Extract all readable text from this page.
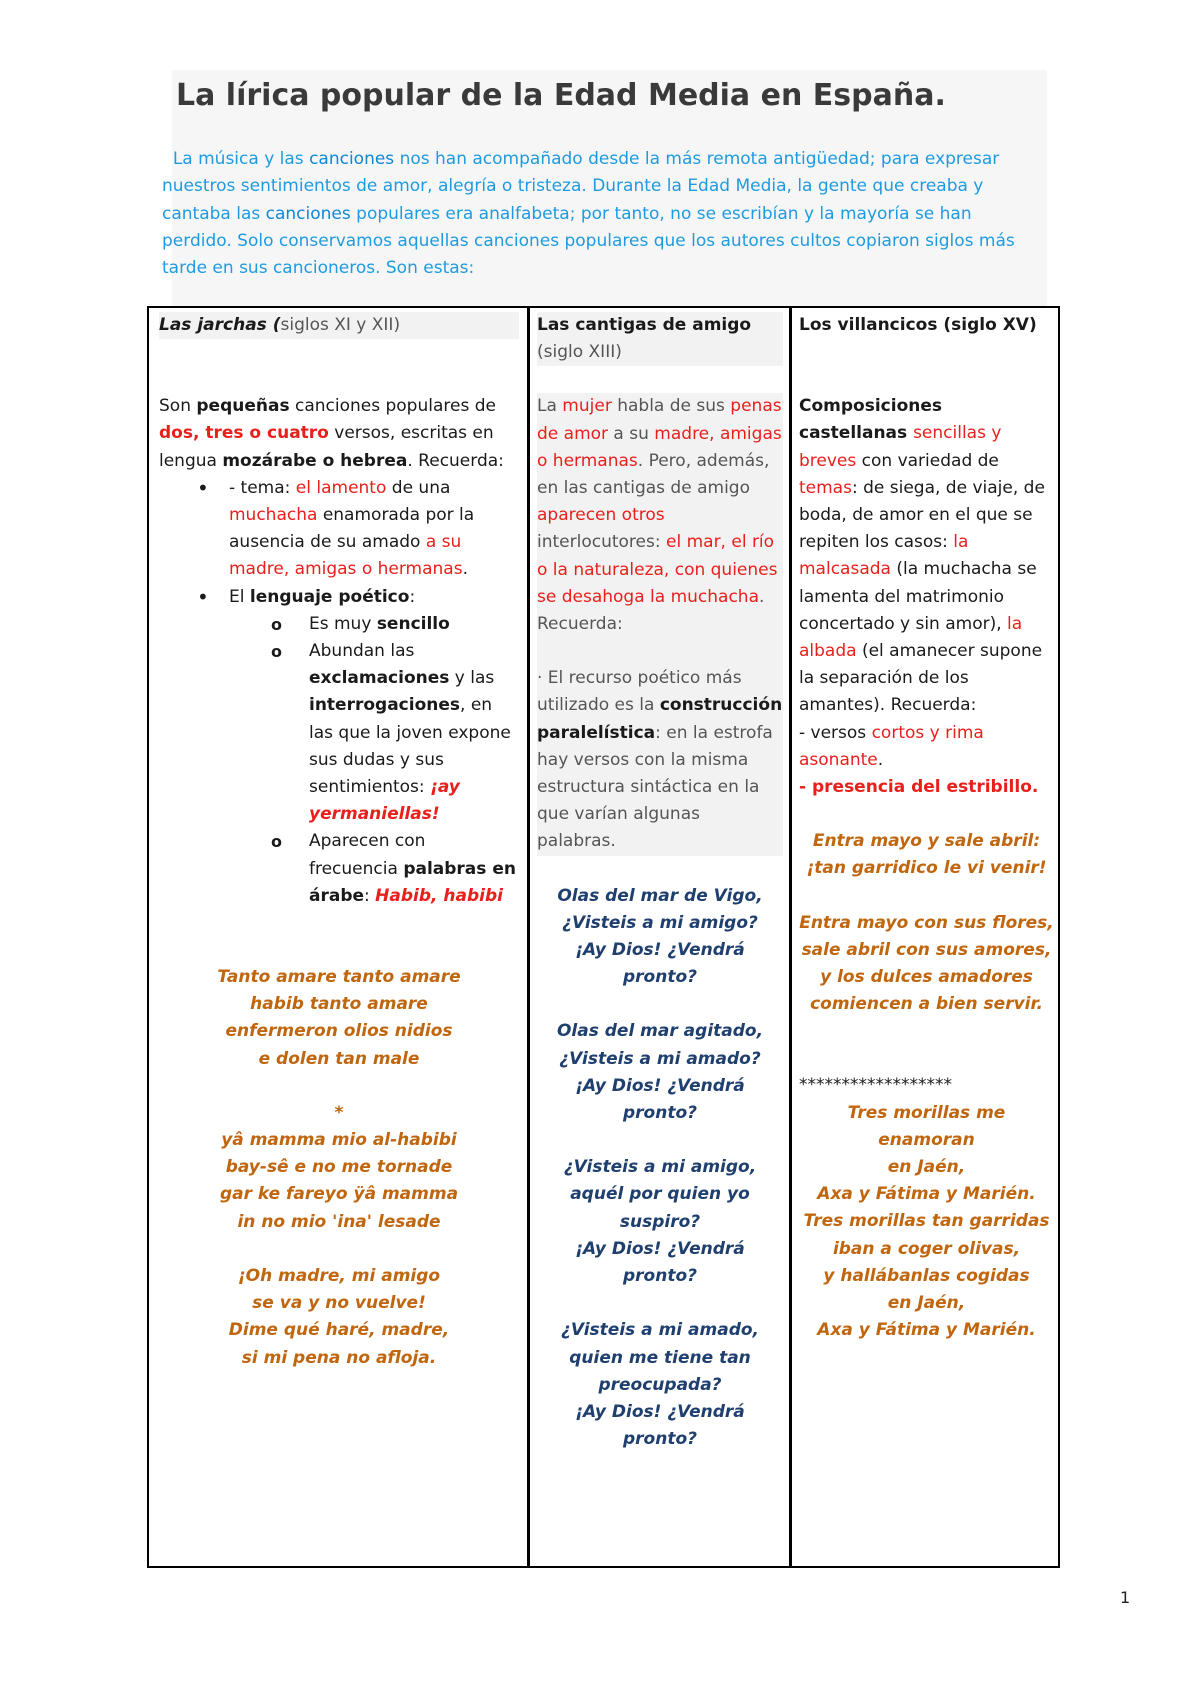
La lírica popular de la Edad Media en España.

La música y las canciones nos han acompañado desde la más remota antigüedad; para expresar nuestros sentimientos de amor, alegría o tristeza. Durante la Edad Media, la gente que creaba y cantaba las canciones populares era analfabeta; por tanto, no se escribían y la mayoría se han perdido. Solo conservamos aquellas canciones populares que los autores cultos copiaron siglos más tarde en sus cancioneros. Son estas:

Las jarchas (siglos XI y XII)

Son pequeñas canciones populares de dos, tres o cuatro versos, escritas en lengua mozárabe o hebrea. Recuerda:

• - tema: el lamento de una muchacha enamorada por la ausencia de su amado a su madre, amigas o hermanas.
• El lenguaje poético:
o Es muy sencillo
o Abundan las exclamaciones y las interrogaciones, en las que la joven expone sus dudas y sus sentimientos: ¡ay yermaniellas!
o Aparecen con frecuencia palabras en árabe: Habib, habibi
Tanto amare tanto amare
habib tanto amare
enfermeron olios nidios
e dolen tan male
*
yâ mamma mio al-habibi
bay-sê e no me tornade
gar ke fareyo ÿâ mamma
in no mio 'ina' lesade
¡Oh madre, mi amigo
se va y no vuelve!
Dime qué haré, madre,
si mi pena no afloja.

Las cantigas de amigo
(siglo XIII)

La mujer habla de sus penas de amor a su madre, amigas o hermanas. Pero, además, en las cantigas de amigo aparecen otros interlocutores: el mar, el río o la naturaleza, con quienes se desahoga la muchacha. Recuerda:

· El recurso poético más utilizado es la construcción paralelística: en la estrofa hay versos con la misma estructura sintáctica en la que varían algunas palabras.

Olas del mar de Vigo,
¿Visteis a mi amigo?
¡Ay Dios! ¿Vendrá
pronto?
Olas del mar agitado,
¿Visteis a mi amado?
¡Ay Dios! ¿Vendrá
pronto?
¿Visteis a mi amigo,
aquél por quien yo
suspiro?
¡Ay Dios! ¿Vendrá
pronto?
¿Visteis a mi amado,
quien me tiene tan
preocupada?
¡Ay Dios! ¿Vendrá
pronto?

Los villancicos (siglo XV)

Composiciones castellanas sencillas y breves con variedad de temas: de siega, de viaje, de boda, de amor en el que se repiten los casos: la malcasada (la muchacha se lamenta del matrimonio concertado y sin amor), la albada (el amanecer supone la separación de los amantes). Recuerda:

- versos cortos y rima asonante.

- presencia del estribillo.

Entra mayo y sale abril:
¡tan garridico le vi venir!
Entra mayo con sus flores,
sale abril con sus amores,
y los dulces amadores
comiencen a bien servir.

******************

Tres morillas me
enamoran
en Jaén,
Axa y Fátima y Marién.
Tres morillas tan garridas
iban a coger olivas,
y hallábanlas cogidas
en Jaén,
Axa y Fátima y Marién.
1
